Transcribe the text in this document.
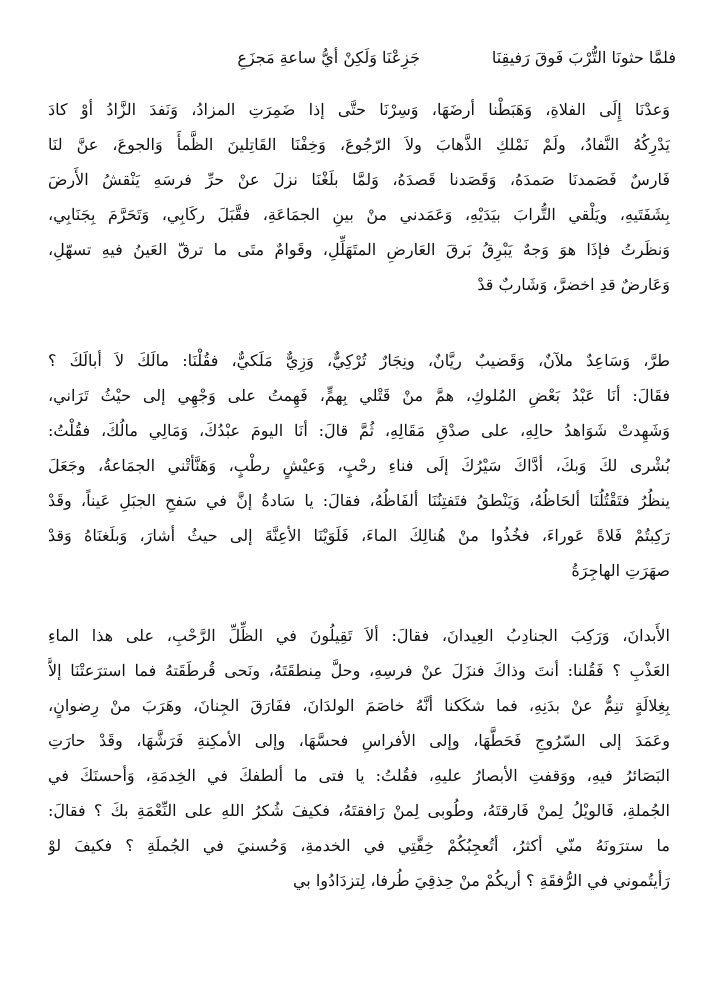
فلمَّا حثونَا التُّرْبَ فَوقَ رَفيقِنَا
جَزِعْنَا وَلَكِنْ أيُّ ساعةِ مَجزَعِ
وَعدْنَا إِلَى الفلاةِ، وَهَبَطْنا أرضَهَا، وَسِرْنَا حتَّى إذا ضَمِرَتِ المزادُ، وَنَفدَ الزَّادُ أوْ كادَ
يَدْرِكُهُ النَّفادُ، ولَمْ نَمْلكِ الذَّهابَ ولاَ الرّجُوعَ، وَخِفْنَا القَاتِلينَ الظَّمأَ وَالجوعَ، عنَّ لنَا
فَارسٌ فَصَمدنَا صَمدَهُ، وَقَصَدنا قَصدَهُ، وَلمَّا بلَغْنَا نزلَ عنْ حرِّ فرسَهِ يَنْقشُ الأَرضَ
بِشَفَتَيهِ، ويَلْقي التُّرابَ بيَدَيْهِ، وَعَمَدني منْ بينِ الجمَاعَةِ، فقَّبَلَ ركَابِي، وَتَحَرَّمَ بِجَنَابِي،
وَنظَرتُ فإذَا هوَ وَجهٌ يَبْرِقُ بَرقَ العَارضِ المتَهَلِّلِ، وقَوامٌ متَى ما ترقّ العَينُ فيهِ تسهّلِ،
وَعَارضٌ قدِ اخضرَّ، وَشَاربٌ قدْ
طرَّ، وَسَاعِدٌ ملآنٌ، وَقَضيبٌ ريَّانٌ، ونِجَارٌ تُرْكِيٌّ، وَزِيٌّ مَلَكيٌّ، فقُلْنَا: مالَكَ لاَ أبالَكَ ؟
فقَالَ: أنَا عَبْدُ بَعْضِ المُلوكِ، همَّ منْ قَتْلي بِهمٍّ، فَهِمتُ على وَجْهِي إلى حيْثُ تَرَاني،
وَشَهِدتْ شَوَاهدُ حالِهِ، على صدْقِ مَقَالِهِ، ثُمَّ قالَ: أنَا اليومَ عبْدُكَ، وَمَالِي مالُكَ، فقُلْتُ:
بُشْرى لكَ وَبكَ، أدَّاكَ سَيْرُكَ إلَى فناءِ رحْبٍ، وَعيْشٍ رطْبٍ، وَهَنَّأتْني الجمَاعةُ، وجَعَلَ
ينظُرُ فتَقْتُلُنَا ألحَاظُهُ، وَيَنْطقُ فتَفتِنُنَا ألفَاظُهُ، فقالَ: يا سَادةُ إنَّ في سَفحِ الجبَلِ عَيناً، وقَدْ
رَكِبتُمْ فَلاةً عَوراءَ، فخُذُوا منْ هُنالِكَ الماءَ، فَلَوَيْنَا الأعِنَّةَ إلى حيثُ أشارَ، وَبلَغنَاهُ وَقدْ
صهَرَتِ الهاجِرَةُ
الأَبدانَ، وَرَكِبَ الجنادِبُ العِيدانَ، فقالَ: ألاَ تَقِيلُونَ في الظِّلِّ الرَّحْبِ، على هذا الماءِ
العَذْبِ ؟ فَقُلنا: أنتَ وذاكَ فنزَلَ عنْ فرسِهِ، وحلَّ مِنطقَتَهُ، ونَحى قُرطَقَتهُ فما استرَعتْنَا إلاَّ
بِغِلالَةٍ تنِمُّ عنْ بدَنِهِ، فما شكَكنا أنَّهُ خاصَمَ الولدَانَ، ففَارَقَ الجِنانَ، وهَرَبَ منْ رِضوانٍ،
وعَمَدَ إلى السّرُوجِ فَحَطَّهَا، وإلى الأفراسِ فحسَّهَا، وإلى الأمكِنةِ فَرَشَّهَا، وقَدْ حارَتِ
البَصَائرُ فيهِ، ووَقفتِ الأبصارُ عليهِ، فقُلتُ: يا فتى ما ألطفكَ في الخِدمَةِ، وَأحسنَكَ في
الجُملةِ، فَالويْلُ لِمنْ فَارقتَهُ، وطُوبى لِمنْ رَافقتَهُ، فكيفَ شُكرُ اللهِ على النِّعْمَةِ بكَ ؟ فقالَ:
ما سترَونَهُ منّي أكثرُ، أتُعجِبُكُمْ خِفَّتِي في الخدمةِ، وَحُسنيَ في الجُملَةِ ؟ فكيفَ لوْ
رَأيتُموني في الرُّفقَةِ ؟ أريكُمْ منْ حِذقِيَ طُرفا، لِتزدَادُوا بي
